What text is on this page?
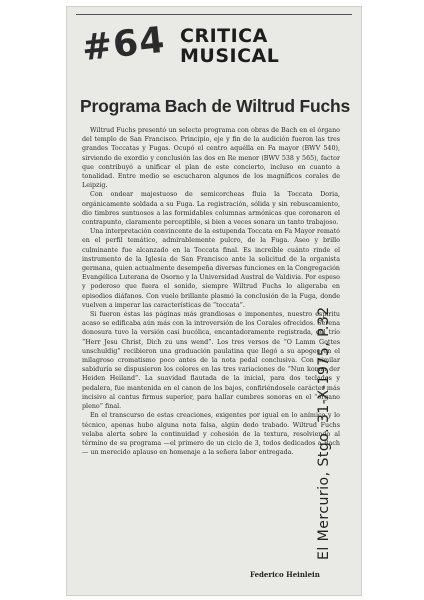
#64 CRITICA
MUSICAL
Programa Bach de Wiltrud Fuchs

Wiltrud Fuchs presentó un selecto programa con obras de Bach en el órgano del templo de San Francisco. Principio, eje y fin de la audición fueron las tres grandes Toccatas y Fugas. Ocupó el centro aquélla en Fa mayor (BWV 540), sirviendo de exordio y conclusión las dos en Re menor (BWV 538 y 565), factor que contribuyó a unificar el plan de este concierto, incluso en cuanto a tonalidad. Entre medio se escucharon algunos de los magníficos corales de Leipzig.

Con ondear majestuoso de semicorcheas fluía la Toccata Doria, orgánicamente soldada a su Fuga. La registración, sólida y sin rebuscamiento, dio timbres suntuosos a las formidables columnas armónicas que coronaron el contrapunto, claramente perceptible, si bien a veces sonara un tanto trabajoso.

Una interpretación convincente de la estupenda Toccata en Fa Mayor remató en el perfil temático, admirablemente pulcro, de la Fuga. Aseo y brillo culminante fue alcanzado en la Toccata final. Es increíble cuánto rinde el instrumento de la Iglesia de San Francisco ante la solicitud de la organista germana, quien actualmente desempeña diversas funciones en la Congregación Evangélica Luterana de Osorno y la Universidad Austral de Valdivia. Por espeso y poderoso que fuera el sonido, siempre Wiltrud Fuchs lo aligeraba en episodios diáfanos. Con vuelo brillante plasmó la conclusión de la Fuga, donde vuelven a imperar las características de “toccata”.

Si fueron éstas las páginas más grandiosas e imponentes, nuestro espíritu acaso se edificaba aún más con la introversión de los Corales ofrecidos. Serena donosura tuvo la versión casi bucólica, encantadoramente registrada, del trío “Herr Jesu Christ, Dich zu uns wend”. Los tres versos de “O Lamm Gottes unschuldig” recibieron una graduación paulatina que llegó a su apogeo en el milagroso cromatismo poco antes de la nota pedal conclusiva. Con similar sabiduría se dispusieron los colores en las tres variaciones de “Nun komm der Heiden Heiland”. La suavidad flautada de la inicial, para dos teclados y pedalera, fue mantenida en el canon de los bajos, confiriéndosele carácter más incisivo al cantus firmus superior, para hallar cumbres sonoras en el “órgano pleno” final.

En el transcurso de estas creaciones, exigentes por igual en lo anímico y lo técnico, apenas hubo alguna nota falsa, algún dedo trabado. Wiltrud Fuchs velaba alerta sobre la continuidad y cohesión de la textura, resolviendo al término de su programa —el primero de un ciclo de 3, todos dedicados a Bach— un merecido aplauso en homenaje a la señera labor entregada.

Federico Heinlein
El Mercurio, Stgo. 31-X-1975, P.32
